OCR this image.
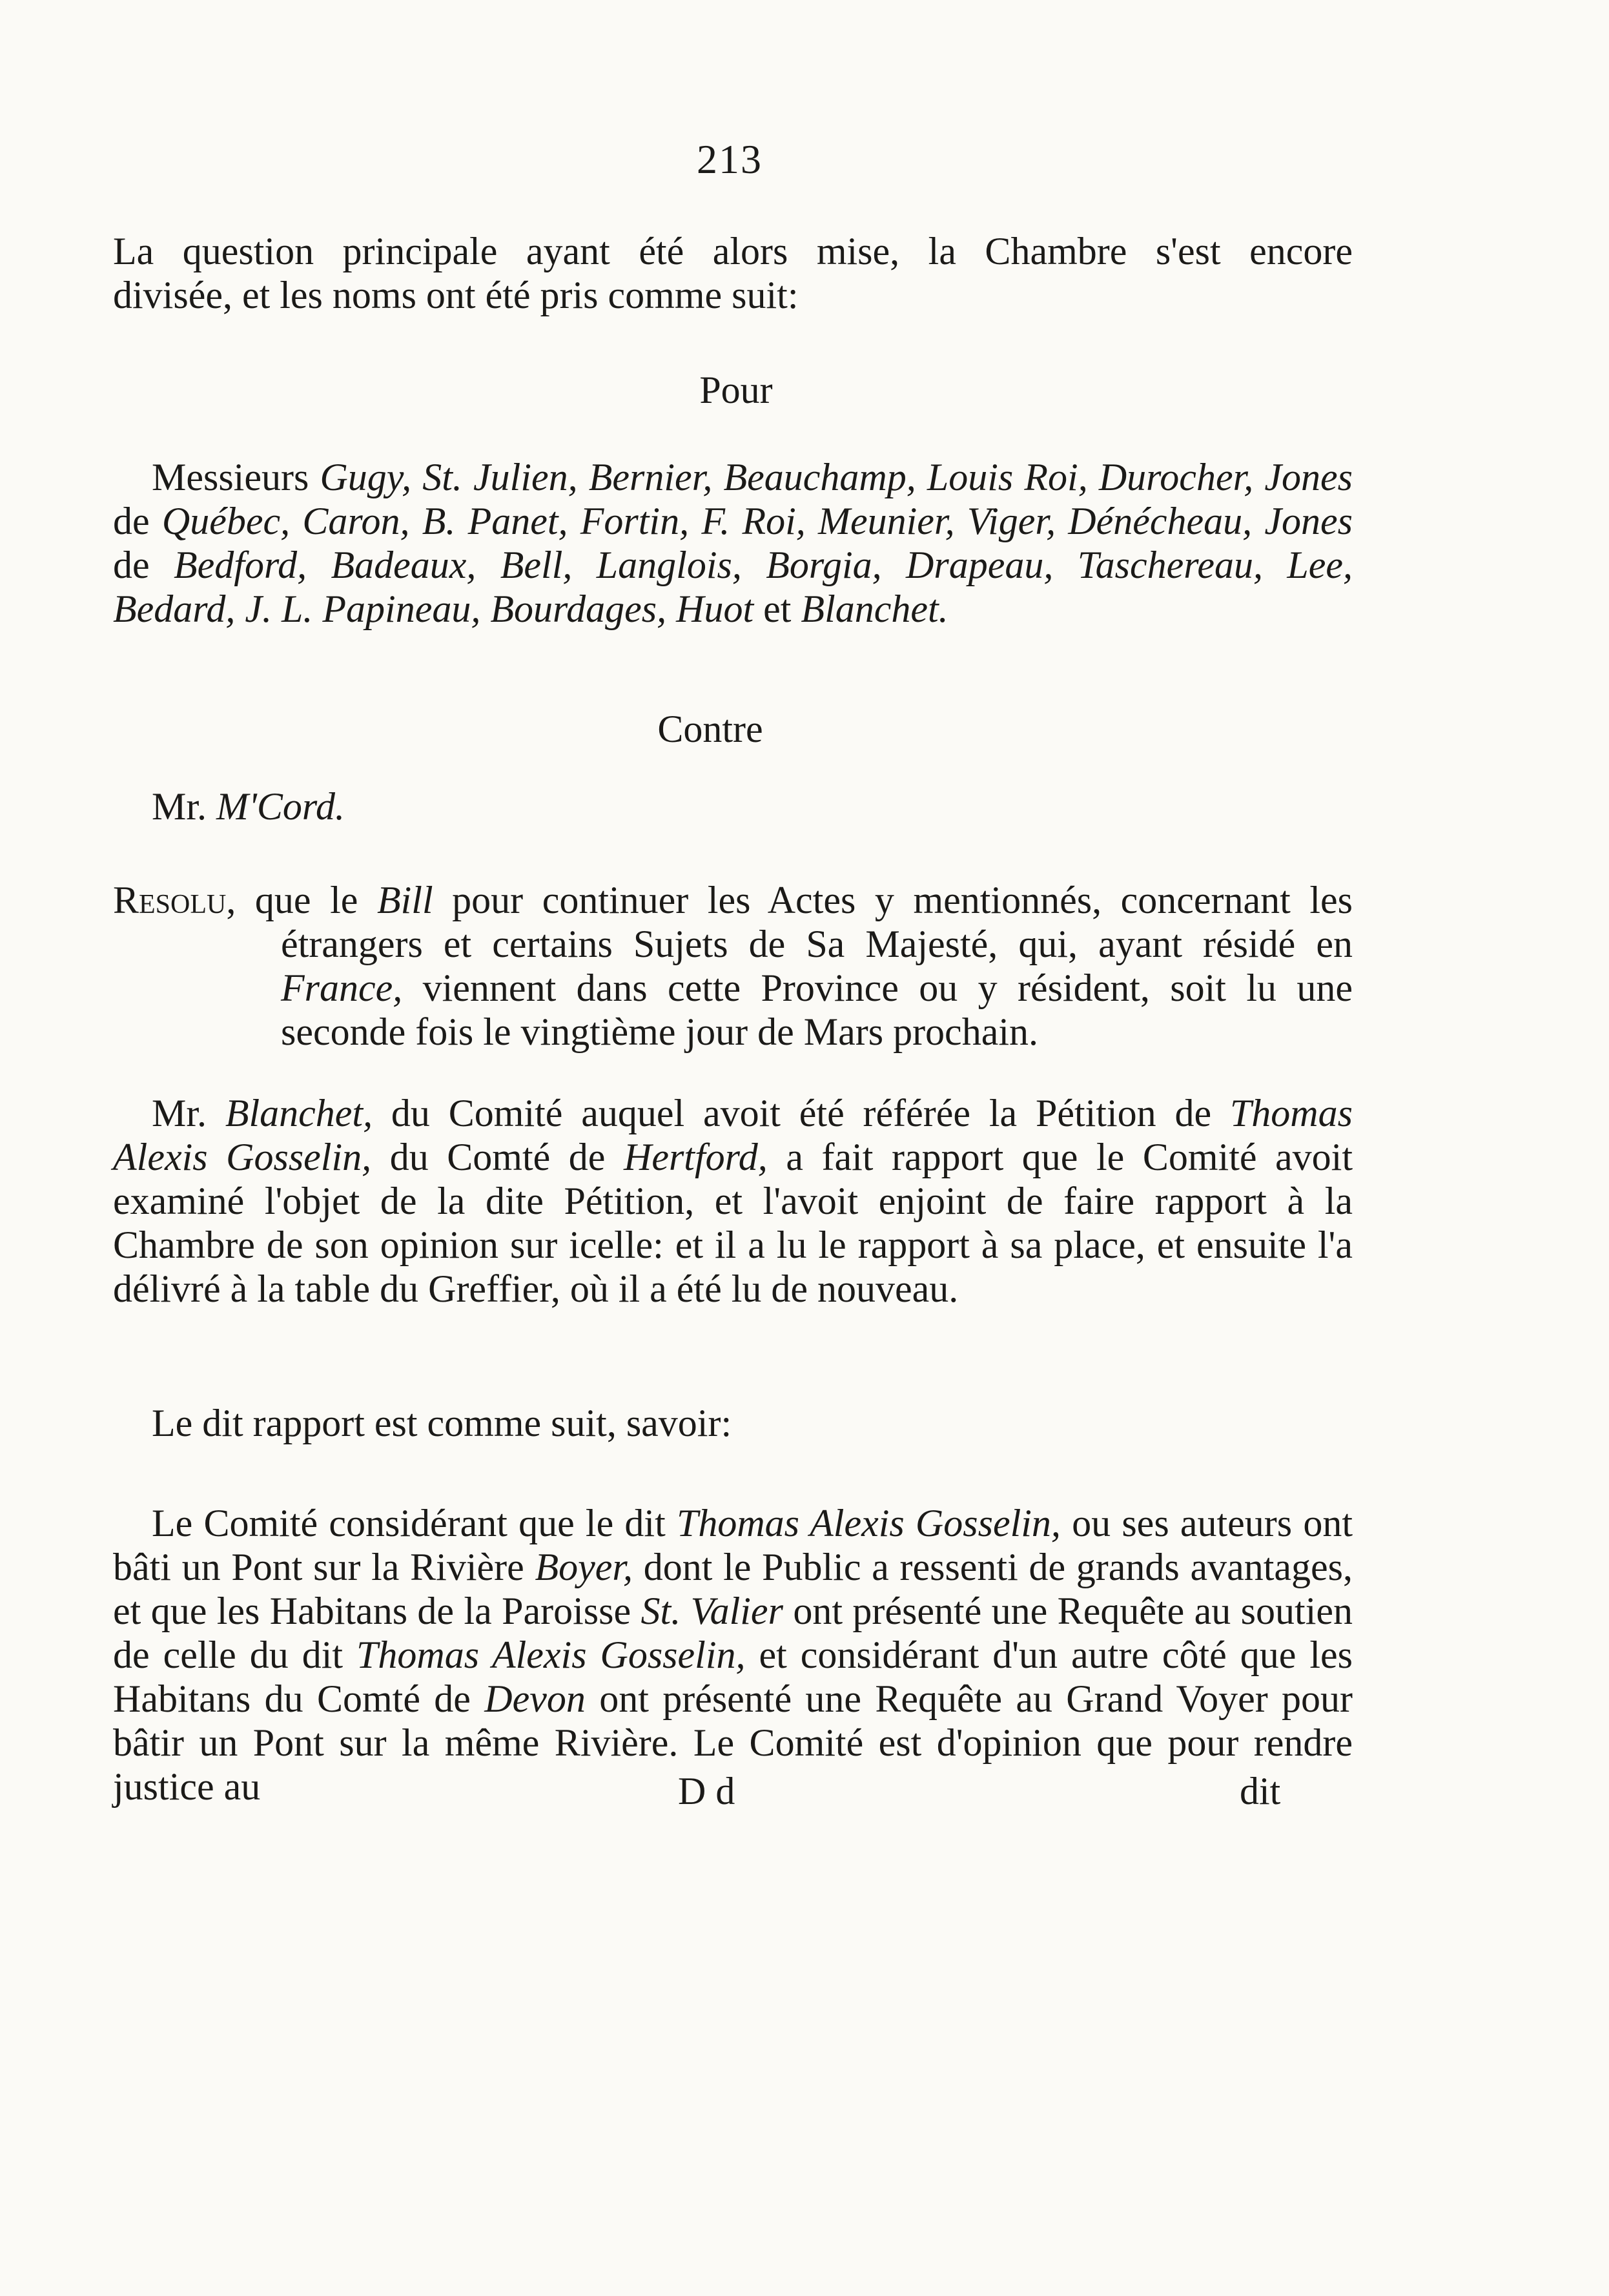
213

La question principale ayant été alors mise, la Chambre s'est encore

divisée, et les noms ont été pris comme suit:

Pour

Messieurs Gugy, St. Julien, Bernier, Beauchamp, Louis Roi, Durocher, Jones de Québec, Caron, B. Panet, Fortin, F. Roi, Meunier, Viger, Dénécheau, Jones de Bedford, Badeaux, Bell, Langlois, Borgia, Drapeau, Taschereau, Lee, Bedard, J. L. Papineau, Bourdages, Huot et Blanchet.

Contre
Mr. M'Cord.

Resolu, que le Bill pour continuer les Actes y mentionnés, concernant les étrangers et certains Sujets de Sa Majesté, qui, ayant résidé en France, viennent dans cette Province ou y résident, soit lu une seconde fois le vingtième jour de Mars prochain.

Mr. Blanchet, du Comité auquel avoit été référée la Pétition de Thomas Alexis Gosselin, du Comté de Hertford, a fait rapport que le Comité avoit examiné l'objet de la dite Pétition, et l'avoit enjoint de faire rapport à la Chambre de son opinion sur icelle: et il a lu le rapport à sa place, et ensuite l'a délivré à la table du Greffier, où il a été lu de nouveau.

Le dit rapport est comme suit, savoir:

Le Comité considérant que le dit Thomas Alexis Gosselin, ou ses auteurs ont bâti un Pont sur la Rivière Boyer, dont le Public a ressenti de grands avantages, et que les Habitans de la Paroisse St. Valier ont présenté une Requête au soutien de celle du dit Thomas Alexis Gosselin, et considérant d'un autre côté que les Habitans du Comté de Devon ont présenté une Requête au Grand Voyer pour bâtir un Pont sur la même Rivière. Le Comité est d'opinion que pour rendre justice au	D d	dit
